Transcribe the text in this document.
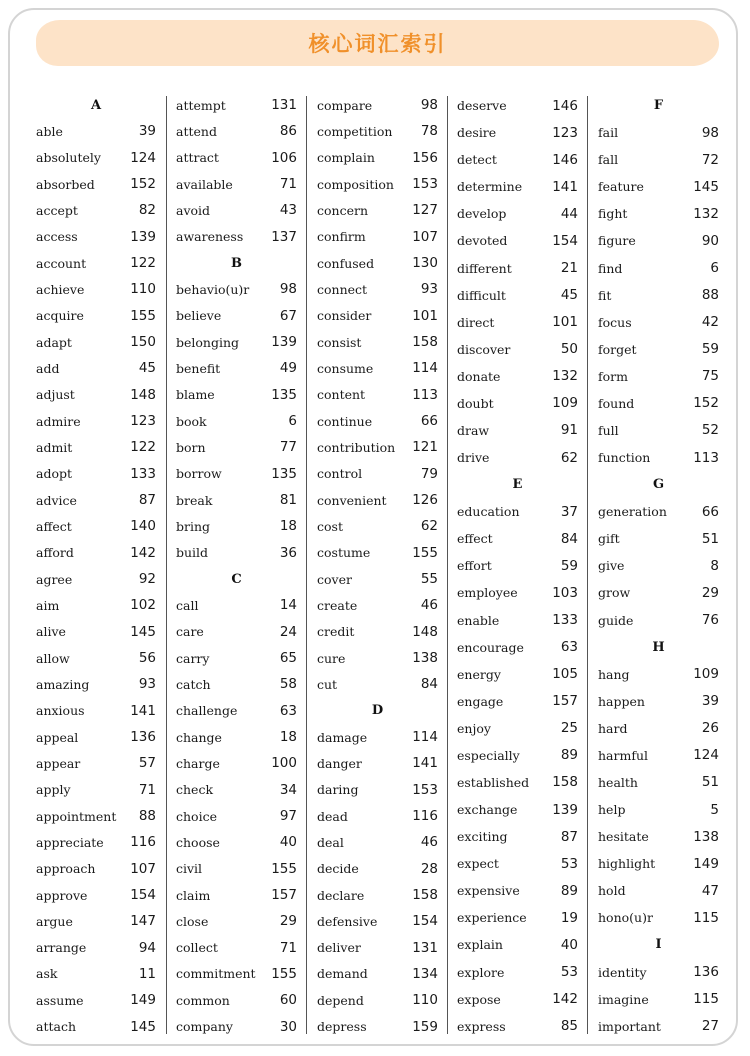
核心词汇索引
A
able	39
absolutely 124
absorbed	152
accept	82
access	139
account	122
achieve	110
acquire	155
adapt	150
add	45
adjust	148
admire	123
admit	122
adopt	133
advice	87
affect	140
afford	142
agree	92
aim	102
alive	145
allow	56
amazing	93
anxious	141
appeal	136
appear	57
apply	71
appointment 88
appreciate 116
approach	107
approve	154
argue	147
arrange	94
ask	11
assume	149
attach	145
attempt	131
attend	86
attract	106
available	71
avoid	43
awareness 137
B
behavio(u)r 98
believe	67
belonging 139
benefit	49
blame	135
book	6
born	77
borrow	135
break	81
bring	18
build	36
C
call	14
care	24
carry	65
catch	58
challenge	63
change	18
charge	100
check	34
choice	97
choose	40
civil	155
claim	157
close	29
collect	71
commitment 155
common	60
company	30
compare	98
competition 78
complain	156
composition 153
concern	127
confirm	107
confused	130
connect	93
consider	101
consist	158
consume	114
content	113
continue	66
contribution 121
control	79
convenient 126
cost	62
costume	155
cover	55
create	46
credit	148
cure	138
cut	84
D
damage	114
danger	141
daring	153
dead	116
deal	46
decide	28
declare	158
defensive	154
deliver	131
demand	134
depend	110
depress	159
deserve	146
desire	123
detect	146
determine 141
develop	44
devoted	154
different	21
difficult	45
direct	101
discover	50
donate	132
doubt	109
draw	91
drive	62
E
education	37
effect	84
effort	59
employee	103
enable	133
encourage	63
energy	105
engage	157
enjoy	25
especially	89
established 158
exchange	139
exciting	87
expect	53
expensive	89
experience	19
explain	40
explore	53
expose	142
express	85
F
fail	98
fall	72
feature	145
fight	132
figure	90
find	6
fit	88
focus	42
forget	59
form	75
found	152
full	52
function	113
G
generation	66
gift	51
give	8
grow	29
guide	76
H
hang	109
happen	39
hard	26
harmful	124
health	51
help	5
hesitate	138
highlight	149
hold	47
hono(u)r	115
I
identity	136
imagine	115
important	27
